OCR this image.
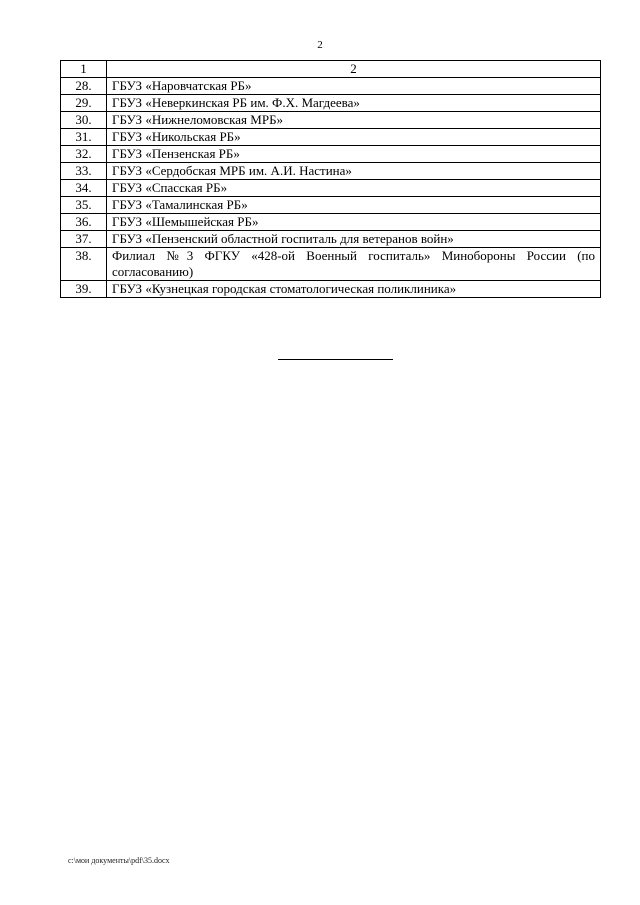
2
1	2
28.	ГБУЗ «Наровчатская РБ»
29.	ГБУЗ «Неверкинская РБ им. Ф.Х. Магдеева»
30.	ГБУЗ «Нижнеломовская МРБ»
31.	ГБУЗ «Никольская РБ»
32.	ГБУЗ «Пензенская РБ»
33.	ГБУЗ «Сердобская МРБ им. А.И. Настина»
34.	ГБУЗ «Спасская РБ»
35.	ГБУЗ «Тамалинская РБ»
36.	ГБУЗ «Шемышейская РБ»
37.	ГБУЗ «Пензенский областной госпиталь для ветеранов войн»
38.	Филиал №3 ФГКУ «428-ой Военный госпиталь» Минобороны России (по согласованию)
39.	ГБУЗ «Кузнецкая городская стоматологическая поликлиника»
c:\мои документы\pdf\35.docx
